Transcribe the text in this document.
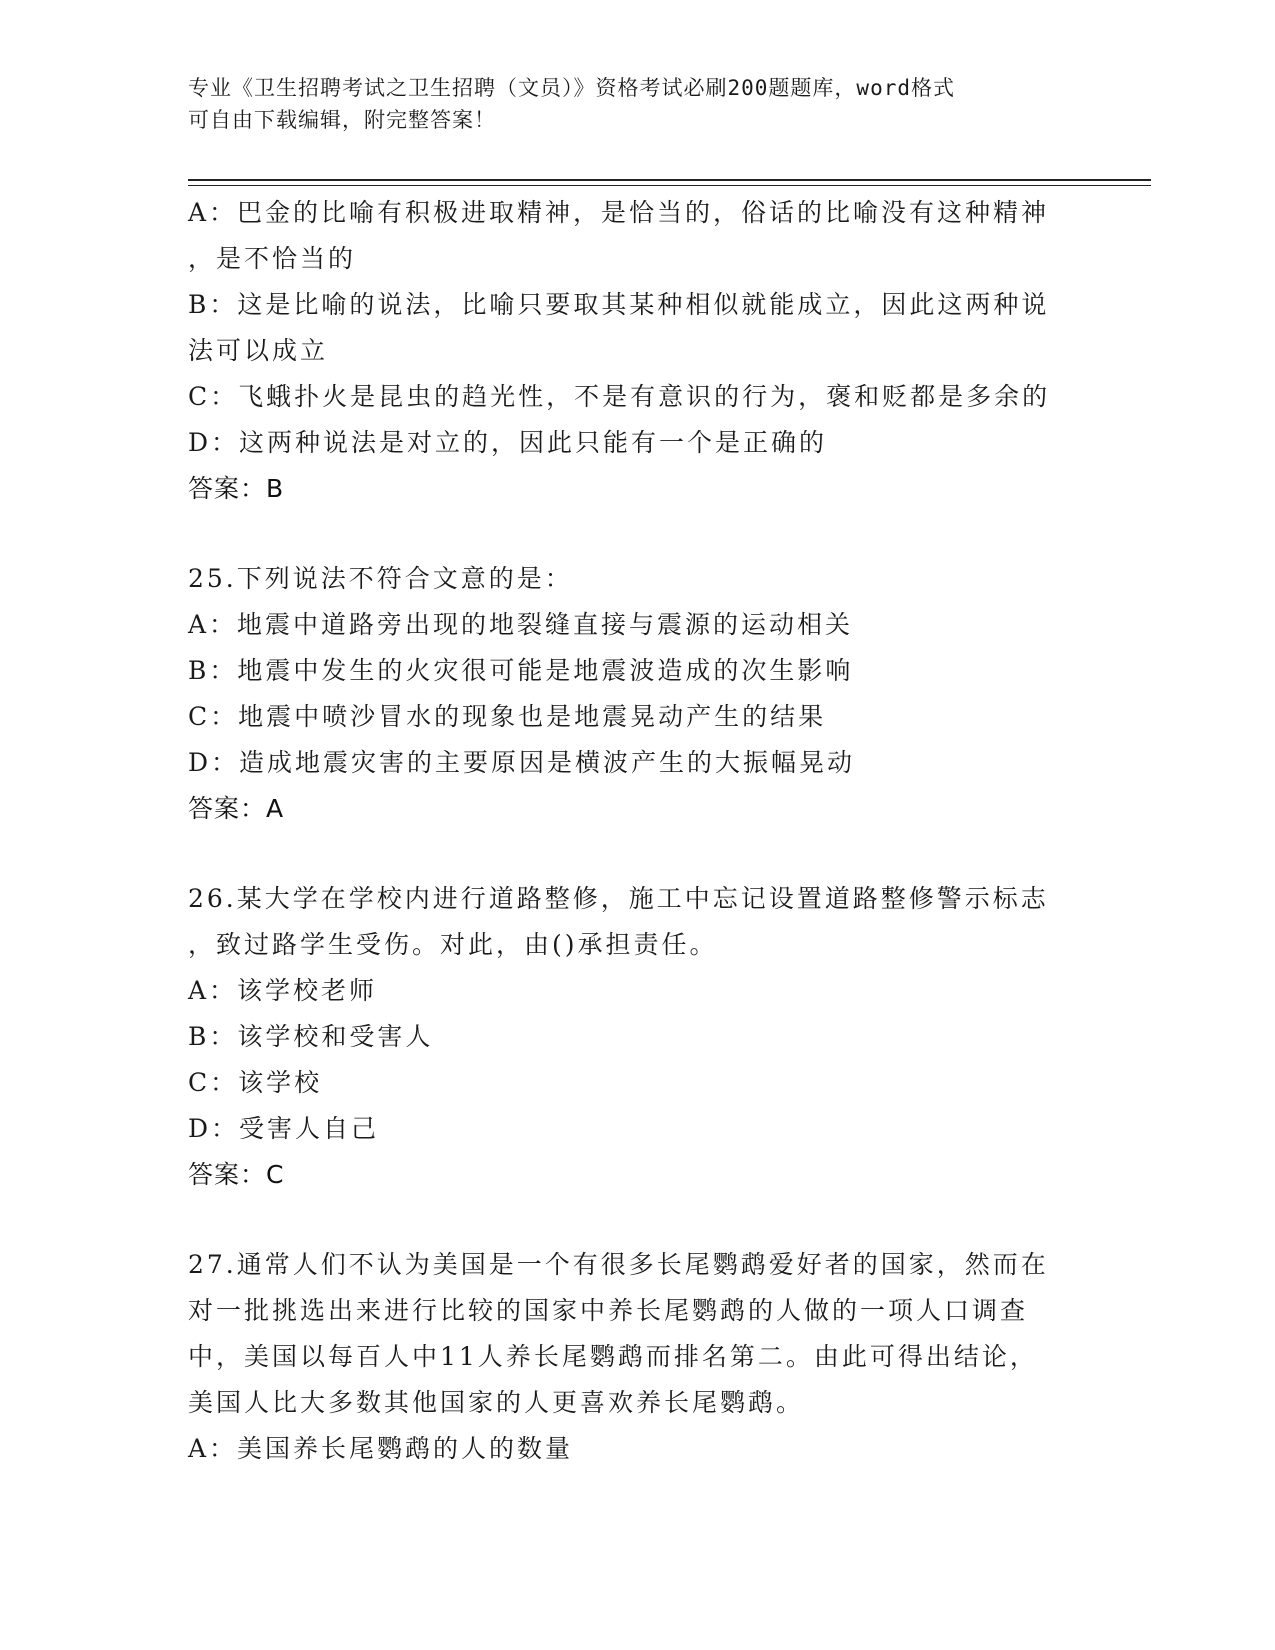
专业《卫生招聘考试之卫生招聘（文员）》资格考试必刷200题题库，word格式
可自由下载编辑，附完整答案！
A：巴金的比喻有积极进取精神，是恰当的，俗话的比喻没有这种精神
，是不恰当的
B：这是比喻的说法，比喻只要取其某种相似就能成立，因此这两种说
法可以成立
C：飞蛾扑火是昆虫的趋光性，不是有意识的行为，褒和贬都是多余的
D：这两种说法是对立的，因此只能有一个是正确的
答案：B
25.下列说法不符合文意的是：
A：地震中道路旁出现的地裂缝直接与震源的运动相关
B：地震中发生的火灾很可能是地震波造成的次生影响
C：地震中喷沙冒水的现象也是地震晃动产生的结果
D：造成地震灾害的主要原因是横波产生的大振幅晃动
答案：A
26.某大学在学校内进行道路整修，施工中忘记设置道路整修警示标志
，致过路学生受伤。对此，由()承担责任。
A：该学校老师
B：该学校和受害人
C：该学校
D：受害人自己
答案：C
27.通常人们不认为美国是一个有很多长尾鹦鹉爱好者的国家，然而在
对一批挑选出来进行比较的国家中养长尾鹦鹉的人做的一项人口调查
中，美国以每百人中11人养长尾鹦鹉而排名第二。由此可得出结论，
美国人比大多数其他国家的人更喜欢养长尾鹦鹉。
A：美国养长尾鹦鹉的人的数量
